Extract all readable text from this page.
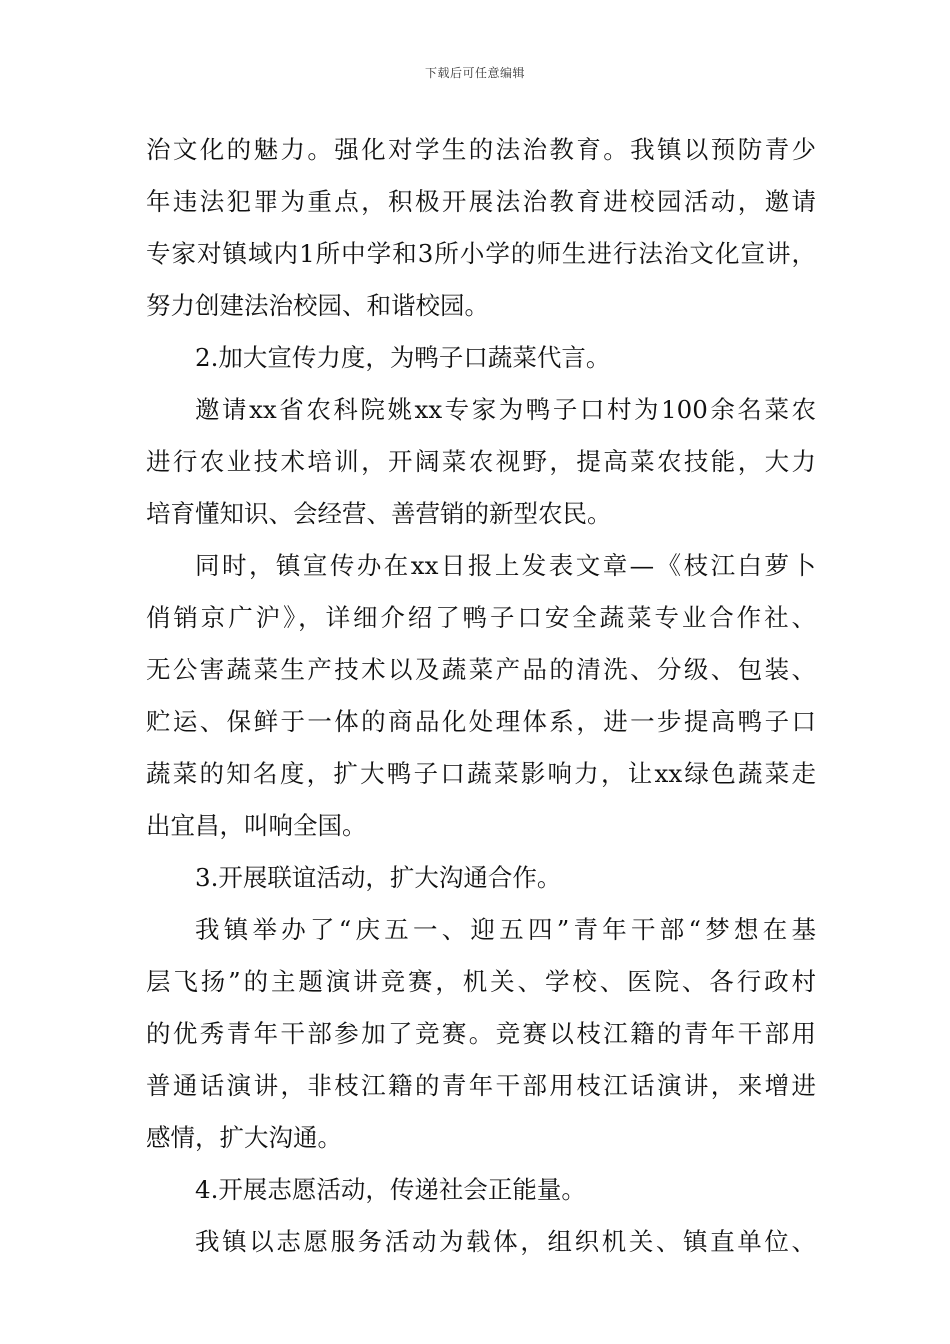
下载后可任意编辑
治文化的魅力。强化对学生的法治教育。我镇以预防青少
年违法犯罪为重点，积极开展法治教育进校园活动，邀请
专家对镇域内1所中学和3所小学的师生进行法治文化宣讲，
努力创建法治校园、和谐校园。
2.加大宣传力度，为鸭子口蔬菜代言。
邀请xx省农科院姚xx专家为鸭子口村为100余名菜农
进行农业技术培训，开阔菜农视野，提高菜农技能，大力
培育懂知识、会经营、善营销的新型农民。
同时，镇宣传办在xx日报上发表文章—《枝江白萝卜
俏销京广沪》，详细介绍了鸭子口安全蔬菜专业合作社、
无公害蔬菜生产技术以及蔬菜产品的清洗、分级、包装、
贮运、保鲜于一体的商品化处理体系，进一步提高鸭子口
蔬菜的知名度，扩大鸭子口蔬菜影响力，让xx绿色蔬菜走
出宜昌，叫响全国。
3.开展联谊活动，扩大沟通合作。
我镇举办了“庆五一、迎五四”青年干部“梦想在基
层飞扬”的主题演讲竞赛，机关、学校、医院、各行政村
的优秀青年干部参加了竞赛。竞赛以枝江籍的青年干部用
普通话演讲，非枝江籍的青年干部用枝江话演讲，来增进
感情，扩大沟通。
4.开展志愿活动，传递社会正能量。
我镇以志愿服务活动为载体，组织机关、镇直单位、
